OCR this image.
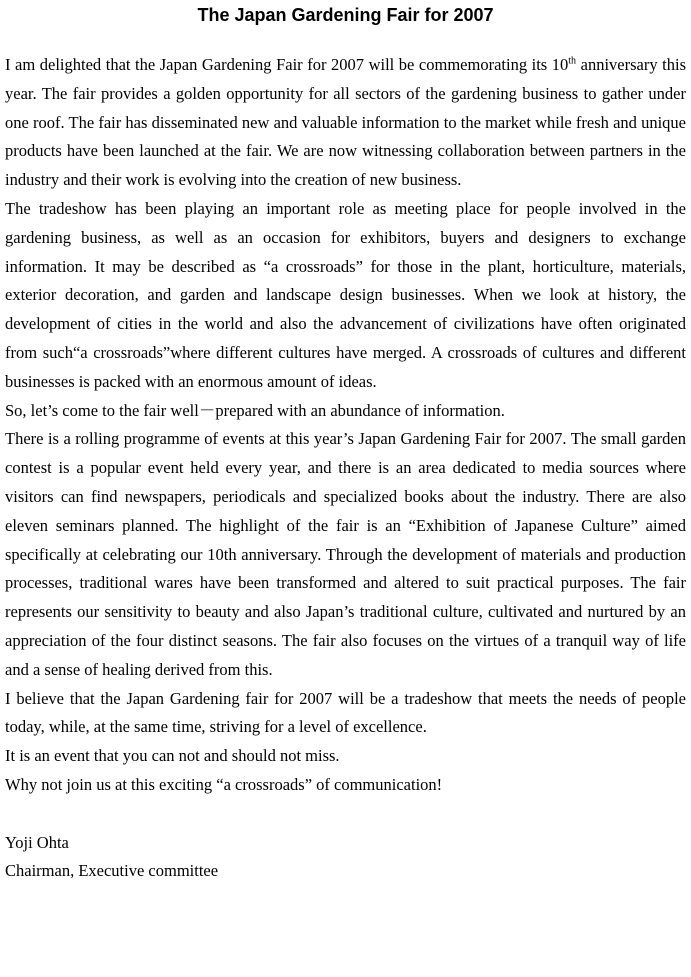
The Japan Gardening Fair for 2007

I am delighted that the Japan Gardening Fair for 2007 will be commemorating its 10th anniversary this year. The fair provides a golden opportunity for all sectors of the gardening business to gather under one roof. The fair has disseminated new and valuable information to the market while fresh and unique products have been launched at the fair. We are now witnessing collaboration between partners in the industry and their work is evolving into the creation of new business.

The tradeshow has been playing an important role as meeting place for people involved in the gardening business, as well as an occasion for exhibitors, buyers and designers to exchange information. It may be described as “a crossroads” for those in the plant, horticulture, materials, exterior decoration, and garden and landscape design businesses. When we look at history, the development of cities in the world and also the advancement of civilizations have often originated from such“a crossroads”where different cultures have merged. A crossroads of cultures and different businesses is packed with an enormous amount of ideas.

So, let’s come to the fair well－prepared with an abundance of information.

There is a rolling programme of events at this year’s Japan Gardening Fair for 2007. The small garden contest is a popular event held every year, and there is an area dedicated to media sources where visitors can find newspapers, periodicals and specialized books about the industry. There are also eleven seminars planned. The highlight of the fair is an “Exhibition of Japanese Culture” aimed specifically at celebrating our 10th anniversary. Through the development of materials and production processes, traditional wares have been transformed and altered to suit practical purposes. The fair represents our sensitivity to beauty and also Japan’s traditional culture, cultivated and nurtured by an appreciation of the four distinct seasons. The fair also focuses on the virtues of a tranquil way of life and a sense of healing derived from this.

I believe that the Japan Gardening fair for 2007 will be a tradeshow that meets the needs of people today, while, at the same time, striving for a level of excellence.

It is an event that you can not and should not miss.

Why not join us at this exciting “a crossroads” of communication!

Yoji Ohta

Chairman, Executive committee
